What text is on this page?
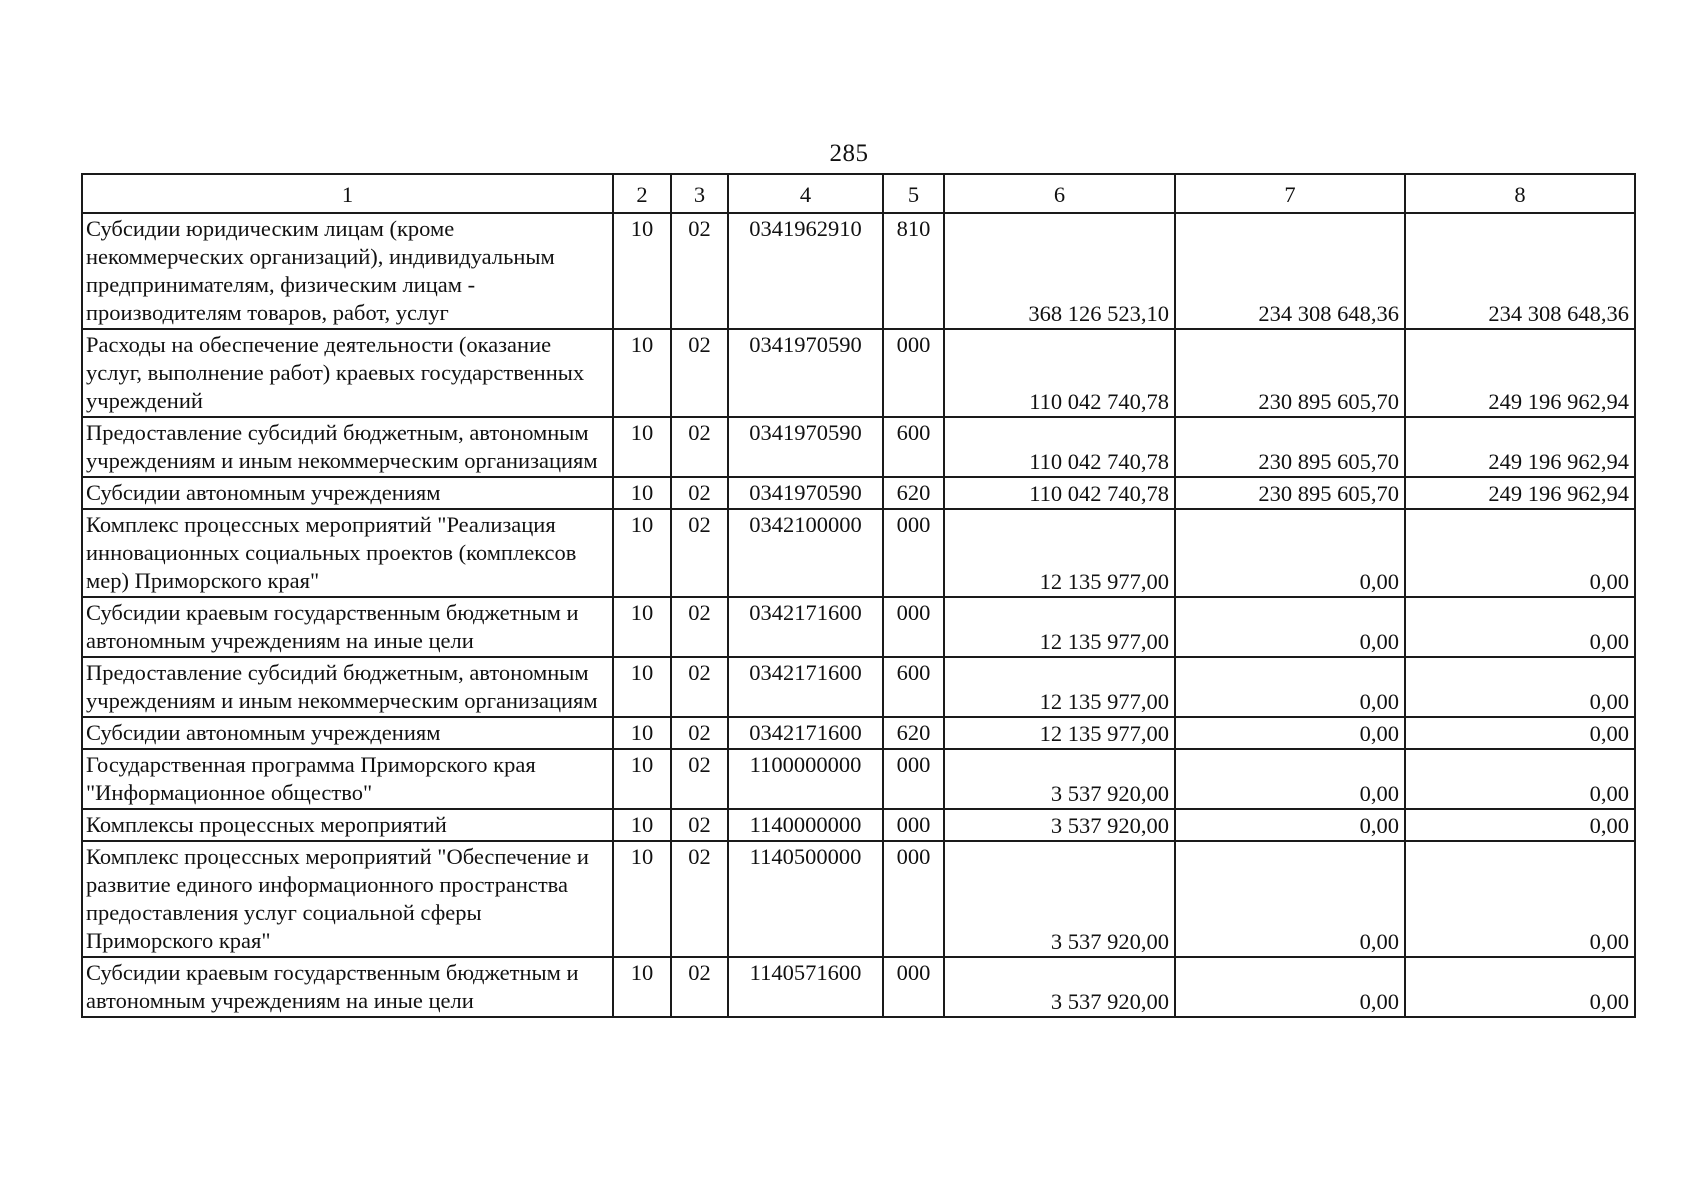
285
1	2	3	4	5	6	7	8
Субсидии юридическим лицам (кроме некоммерческих организаций), индивидуальным предпринимателям, физическим лицам - производителям товаров, работ, услуг	10	02	0341962910	810	368 126 523,10	234 308 648,36	234 308 648,36
Расходы на обеспечение деятельности (оказание услуг, выполнение работ) краевых государственных учреждений	10	02	0341970590	000	110 042 740,78	230 895 605,70	249 196 962,94
Предоставление субсидий бюджетным, автономным учреждениям и иным некоммерческим организациям	10	02	0341970590	600	110 042 740,78	230 895 605,70	249 196 962,94
Субсидии автономным учреждениям	10	02	0341970590	620	110 042 740,78	230 895 605,70	249 196 962,94
Комплекс процессных мероприятий "Реализация инновационных социальных проектов (комплексов мер) Приморского края"	10	02	0342100000	000	12 135 977,00	0,00	0,00
Субсидии краевым государственным бюджетным и автономным учреждениям на иные цели	10	02	0342171600	000	12 135 977,00	0,00	0,00
Предоставление субсидий бюджетным, автономным учреждениям и иным некоммерческим организациям	10	02	0342171600	600	12 135 977,00	0,00	0,00
Субсидии автономным учреждениям	10	02	0342171600	620	12 135 977,00	0,00	0,00
Государственная программа Приморского края "Информационное общество"	10	02	1100000000	000	3 537 920,00	0,00	0,00
Комплексы процессных мероприятий	10	02	1140000000	000	3 537 920,00	0,00	0,00
Комплекс процессных мероприятий "Обеспечение и развитие единого информационного пространства предоставления услуг социальной сферы Приморского края"	10	02	1140500000	000	3 537 920,00	0,00	0,00
Субсидии краевым государственным бюджетным и автономным учреждениям на иные цели	10	02	1140571600	000	3 537 920,00	0,00	0,00
